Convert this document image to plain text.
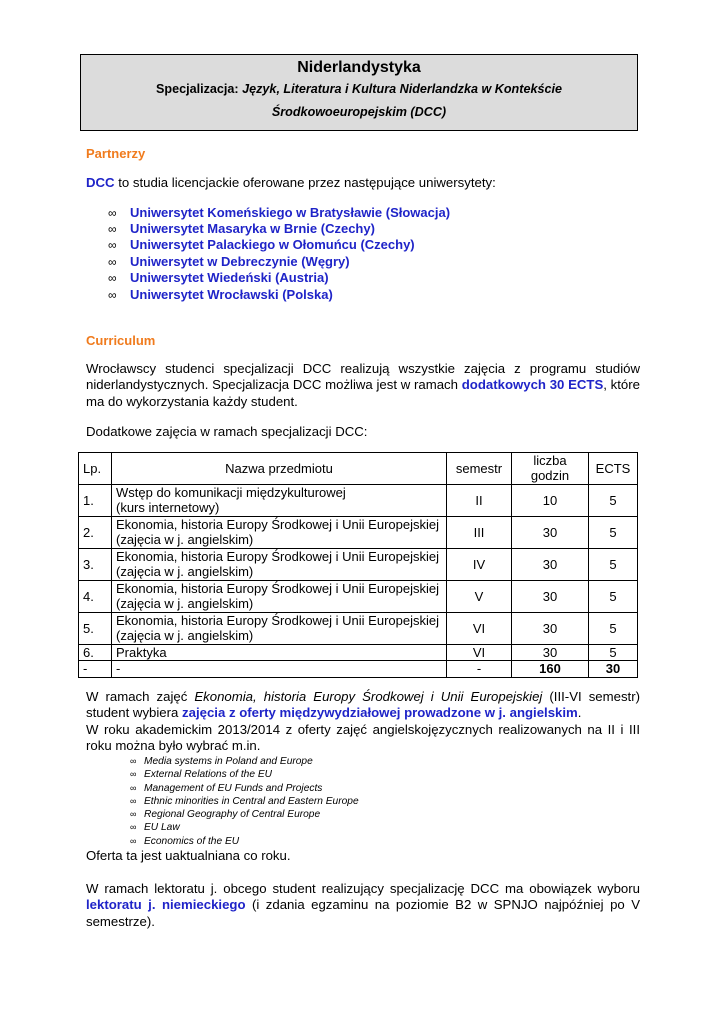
Niderlandystyka
Specjalizacja: Język, Literatura i Kultura Niderlandzka w Kontekście
Środkowoeuropejskim (DCC)
Partnerzy
DCC to studia licencjackie oferowane przez następujące uniwersytety:
∞ Uniwersytet Komeńskiego w Bratysławie (Słowacja)
∞ Uniwersytet Masaryka w Brnie (Czechy)
∞ Uniwersytet Palackiego w Ołomuńcu (Czechy)
∞ Uniwersytet w Debreczynie (Węgry)
∞ Uniwersytet Wiedeński (Austria)
∞ Uniwersytet Wrocławski (Polska)
Curriculum
Wrocławscy studenci specjalizacji DCC realizują wszystkie zajęcia z programu studiów niderlandystycznych. Specjalizacja DCC możliwa jest w ramach dodatkowych 30 ECTS, które ma do wykorzystania każdy student.
Dodatkowe zajęcia w ramach specjalizacji DCC:
Lp.	Nazwa przedmiotu	semestr	liczba
godzin	ECTS
1.	Wstęp do komunikacji międzykulturowej
(kurs internetowy)	II	10	5
2.	Ekonomia, historia Europy Środkowej i Unii Europejskiej
(zajęcia w j. angielskim)	III	30	5
3.	Ekonomia, historia Europy Środkowej i Unii Europejskiej
(zajęcia w j. angielskim)	IV	30	5
4.	Ekonomia, historia Europy Środkowej i Unii Europejskiej
(zajęcia w j. angielskim)	V	30	5
5.	Ekonomia, historia Europy Środkowej i Unii Europejskiej
(zajęcia w j. angielskim)	VI	30	5
6.	Praktyka	VI	30	5
-	-	-	160	30
W ramach zajęć Ekonomia, historia Europy Środkowej i Unii Europejskiej (III-VI semestr) student wybiera zajęcia z oferty międzywydziałowej prowadzone w j. angielskim.
W roku akademickim 2013/2014 z oferty zajęć angielskojęzycznych realizowanych na II i III roku można było wybrać m.in.
∞ Media systems in Poland and Europe
∞ External Relations of the EU
∞ Management of EU Funds and Projects
∞ Ethnic minorities in Central and Eastern Europe
∞ Regional Geography of Central Europe
∞ EU Law
∞ Economics of the EU
Oferta ta jest uaktualniana co roku.
W ramach lektoratu j. obcego student realizujący specjalizację DCC ma obowiązek wyboru lektoratu j. niemieckiego (i zdania egzaminu na poziomie B2 w SPNJO najpóźniej po V semestrze).
